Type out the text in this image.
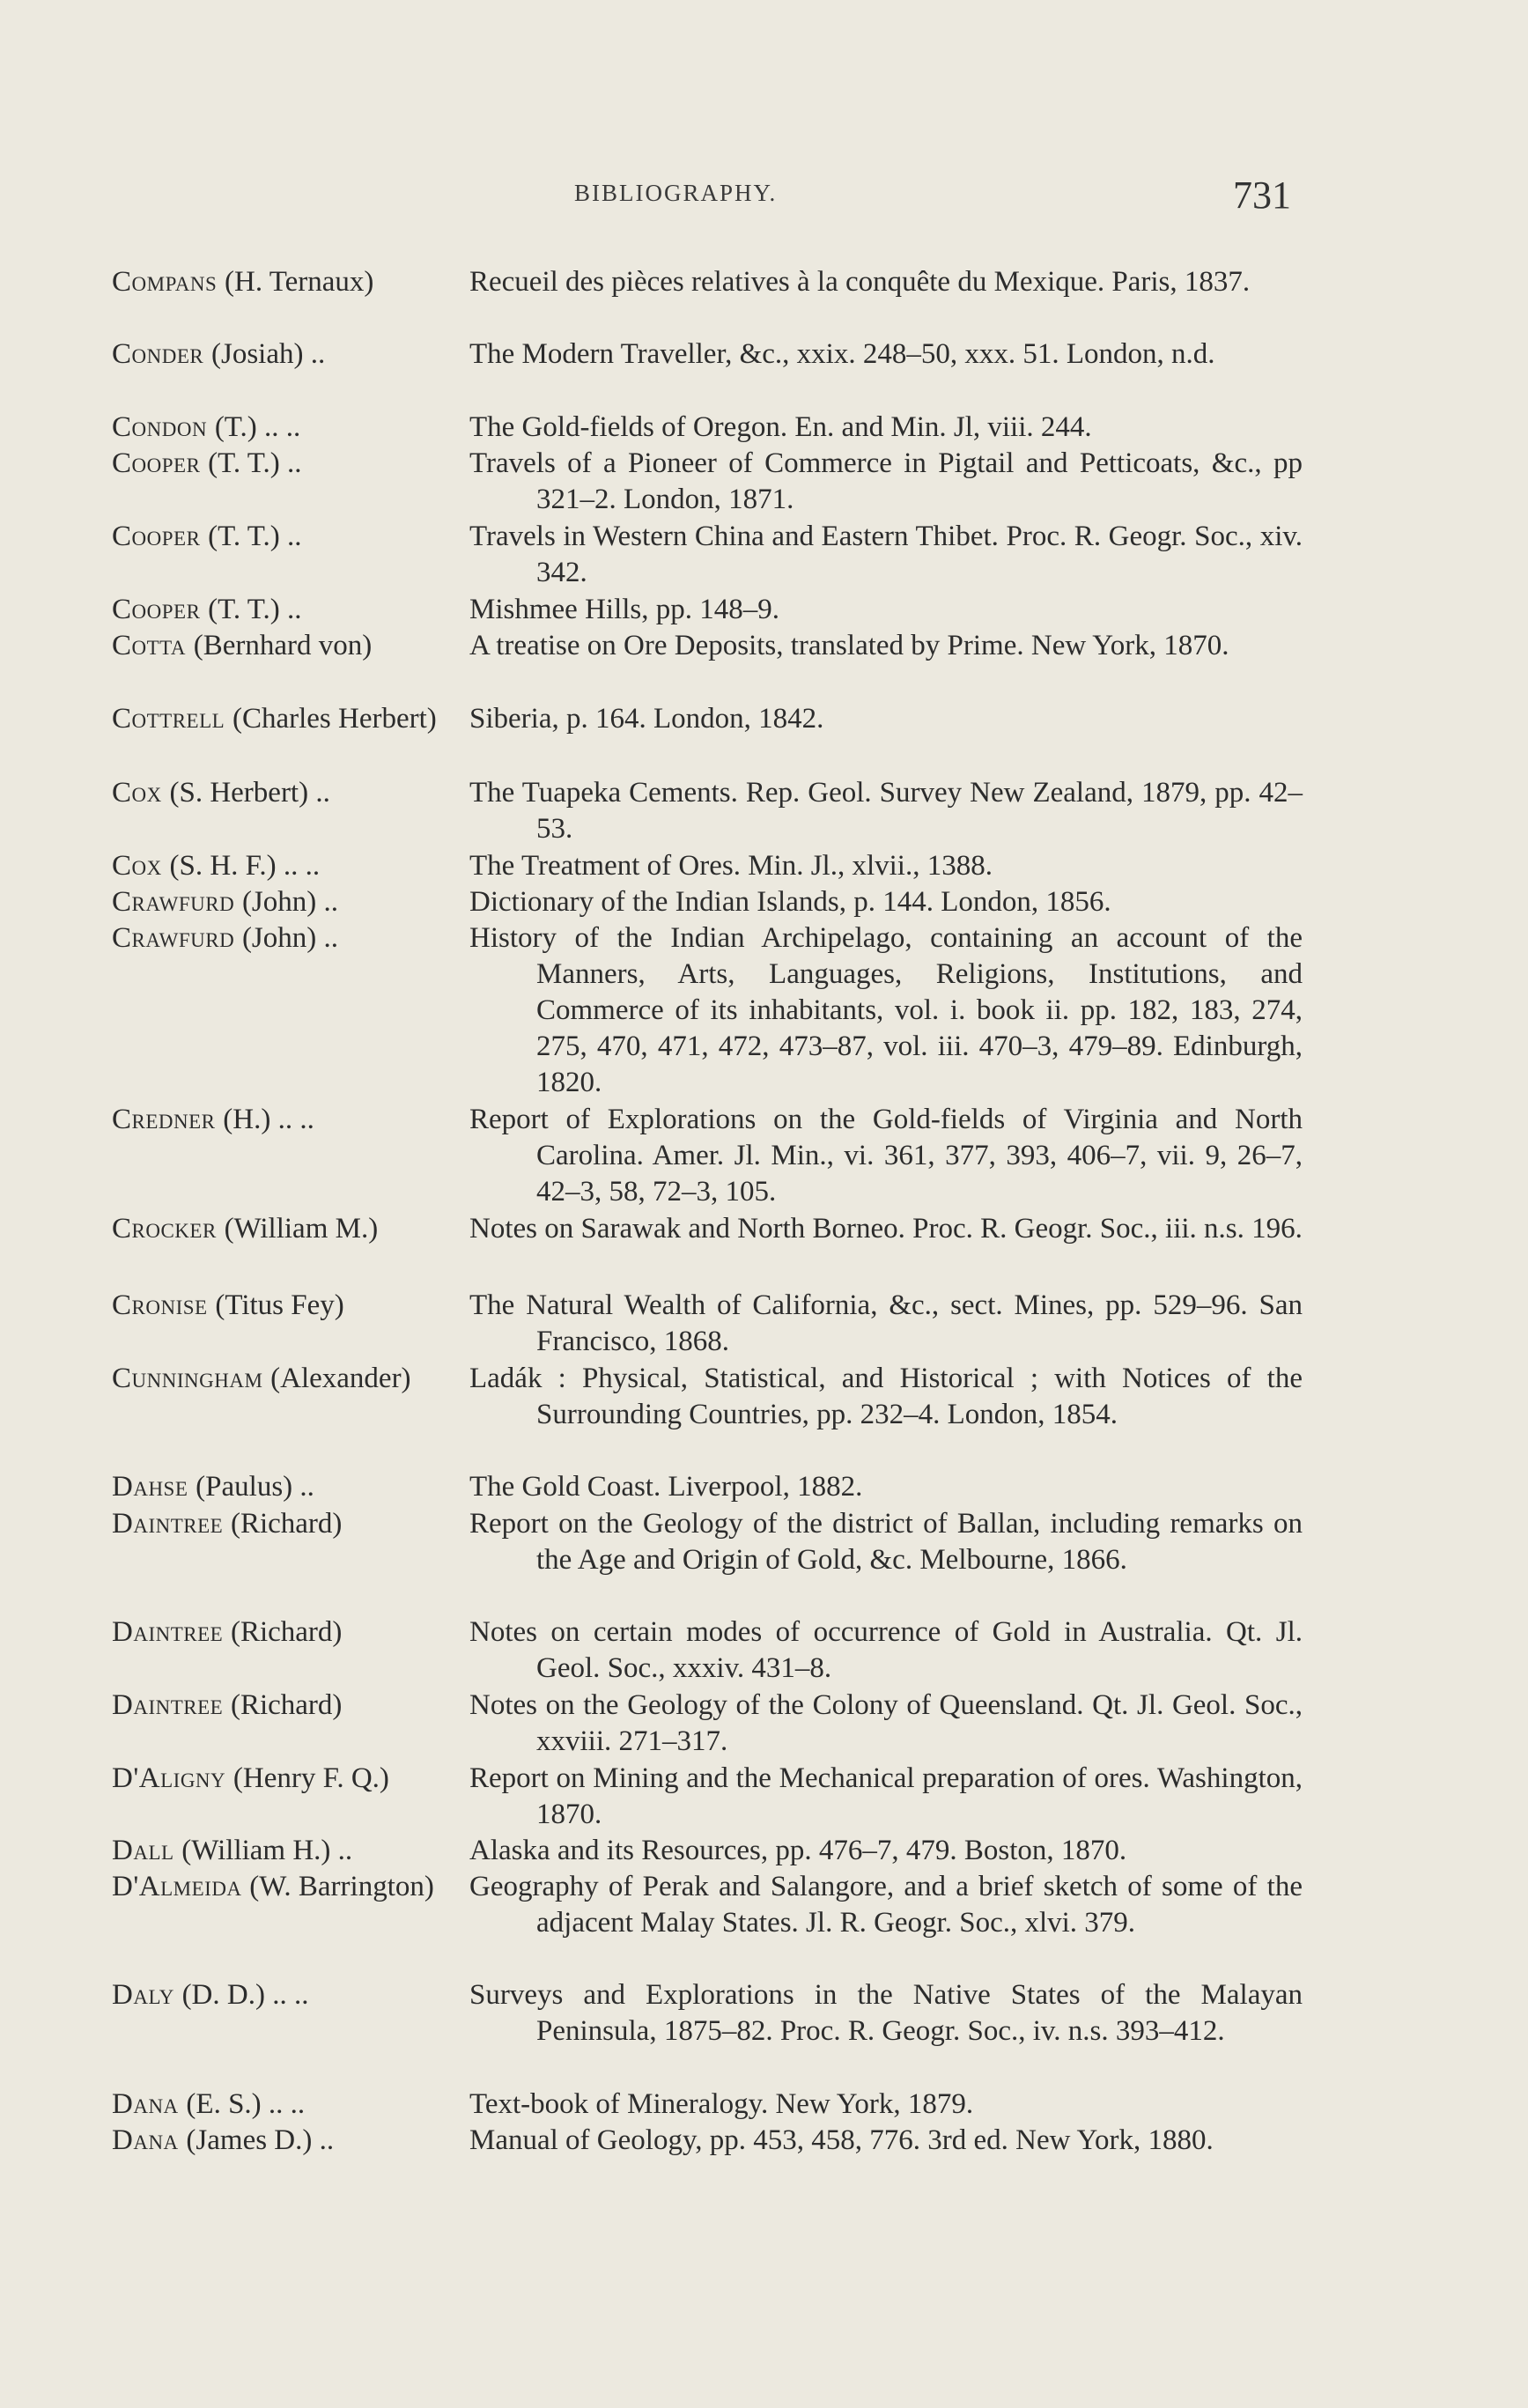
BIBLIOGRAPHY.	731
Compans (H. Ternaux)	Recueil des pièces relatives à la conquête du Mexique. Paris, 1837.
Conder (Josiah) ..	The Modern Traveller, &c., xxix. 248–50, xxx. 51. London, n.d.
Condon (T.) .. ..	The Gold-fields of Oregon. En. and Min. Jl, viii. 244.
Cooper (T. T.) ..	Travels of a Pioneer of Commerce in Pigtail and Petticoats, &c., pp 321–2. London, 1871.
Cooper (T. T.) ..	Travels in Western China and Eastern Thibet. Proc. R. Geogr. Soc., xiv. 342.
Cooper (T. T.) ..	Mishmee Hills, pp. 148–9.
Cotta (Bernhard von)	A treatise on Ore Deposits, translated by Prime. New York, 1870.
Cottrell (Charles Herbert)	Siberia, p. 164. London, 1842.
Cox (S. Herbert) ..	The Tuapeka Cements. Rep. Geol. Survey New Zealand, 1879, pp. 42–53.
Cox (S. H. F.) .. ..	The Treatment of Ores. Min. Jl., xlvii., 1388.
Crawfurd (John) ..	Dictionary of the Indian Islands, p. 144. London, 1856.
Crawfurd (John) ..	History of the Indian Archipelago, containing an account of the Manners, Arts, Languages, Religions, Institutions, and Commerce of its inhabitants, vol. i. book ii. pp. 182, 183, 274, 275, 470, 471, 472, 473–87, vol. iii. 470–3, 479–89. Edinburgh, 1820.
Credner (H.) .. ..	Report of Explorations on the Gold-fields of Virginia and North Carolina. Amer. Jl. Min., vi. 361, 377, 393, 406–7, vii. 9, 26–7, 42–3, 58, 72–3, 105.
Crocker (William M.)	Notes on Sarawak and North Borneo. Proc. R. Geogr. Soc., iii. n.s. 196.
Cronise (Titus Fey)	The Natural Wealth of California, &c., sect. Mines, pp. 529–96. San Francisco, 1868.
Cunningham (Alexander)	Ladák : Physical, Statistical, and Historical ; with Notices of the Surrounding Countries, pp. 232–4. London, 1854.
Dahse (Paulus) ..	The Gold Coast. Liverpool, 1882.
Daintree (Richard)	Report on the Geology of the district of Ballan, including remarks on the Age and Origin of Gold, &c. Melbourne, 1866.
Daintree (Richard)	Notes on certain modes of occurrence of Gold in Australia. Qt. Jl. Geol. Soc., xxxiv. 431–8.
Daintree (Richard)	Notes on the Geology of the Colony of Queensland. Qt. Jl. Geol. Soc., xxviii. 271–317.
D'Aligny (Henry F. Q.)	Report on Mining and the Mechanical preparation of ores. Washington, 1870.
Dall (William H.) ..	Alaska and its Resources, pp. 476–7, 479. Boston, 1870.
D'Almeida (W. Barrington)	Geography of Perak and Salangore, and a brief sketch of some of the adjacent Malay States. Jl. R. Geogr. Soc., xlvi. 379.
Daly (D. D.) .. ..	Surveys and Explorations in the Native States of the Malayan Peninsula, 1875–82. Proc. R. Geogr. Soc., iv. n.s. 393–412.
Dana (E. S.) .. ..	Text-book of Mineralogy. New York, 1879.
Dana (James D.) ..	Manual of Geology, pp. 453, 458, 776. 3rd ed. New York, 1880.
